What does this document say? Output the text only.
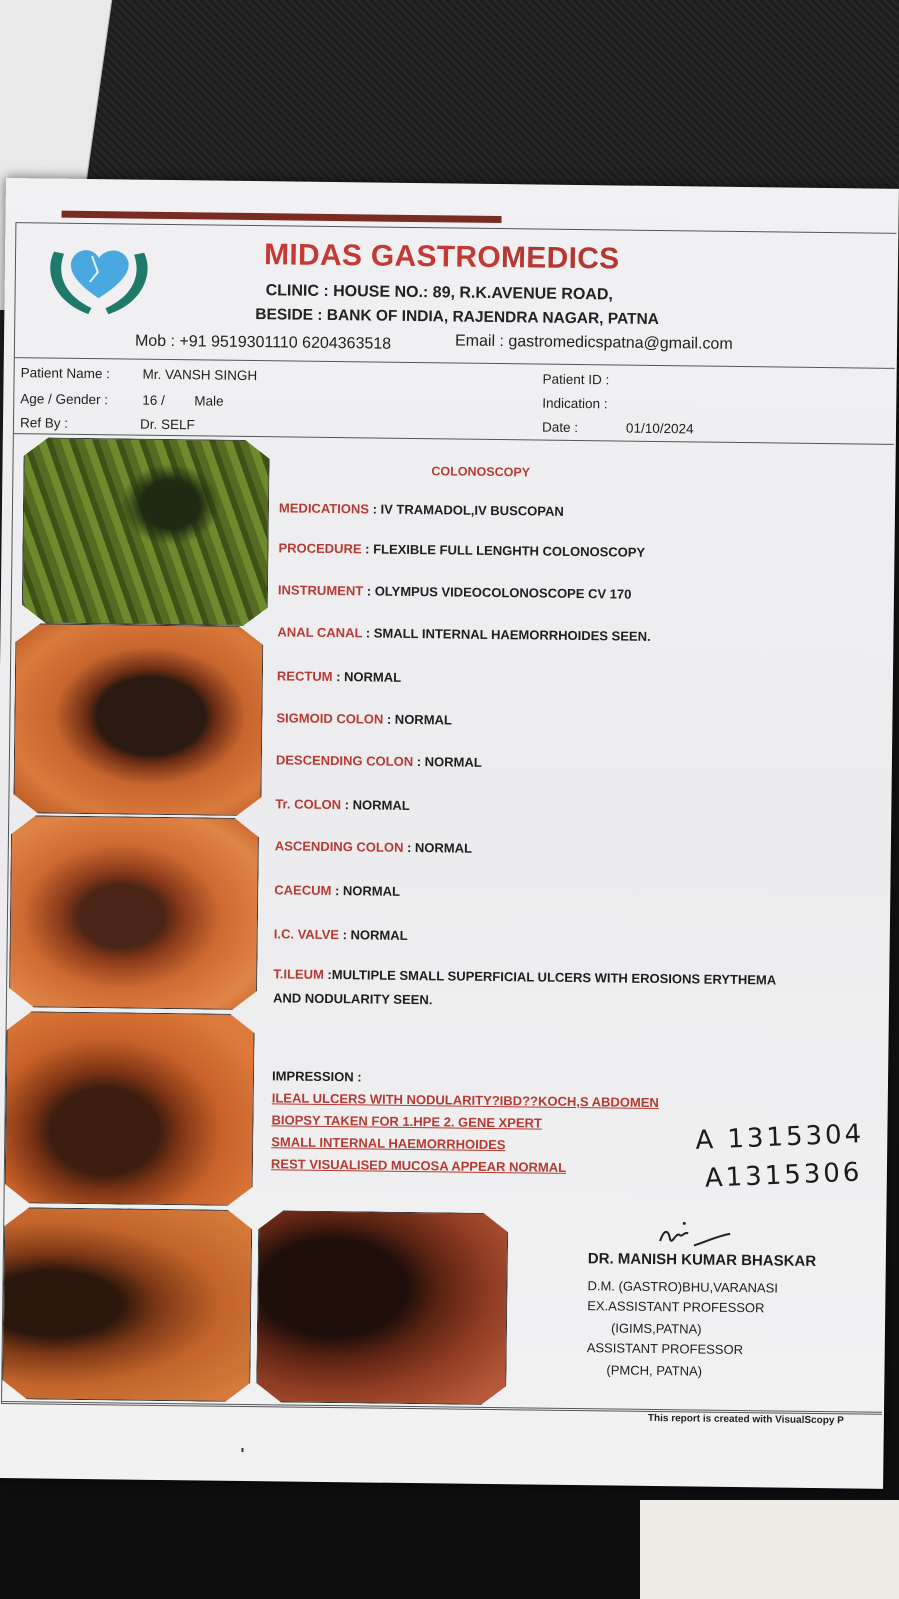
MIDAS GASTROMEDICS
CLINIC : HOUSE NO.: 89, R.K.AVENUE ROAD,
BESIDE : BANK OF INDIA, RAJENDRA NAGAR, PATNA
Mob : +91 9519301110 6204363518	Email : gastromedicspatna@gmail.com
Patient Name : Mr. VANSH SINGH
Age / Gender :	16 / Male
Ref By :	Dr. SELF
Patient ID :
Indication :
Date :	01/10/2024
COLONOSCOPY
MEDICATIONS : IV TRAMADOL,IV BUSCOPAN
PROCEDURE : FLEXIBLE FULL LENGHTH COLONOSCOPY
INSTRUMENT : OLYMPUS VIDEOCOLONOSCOPE CV 170
ANAL CANAL : SMALL INTERNAL HAEMORRHOIDES SEEN.
RECTUM : NORMAL
SIGMOID COLON : NORMAL
DESCENDING COLON : NORMAL
Tr. COLON : NORMAL
ASCENDING COLON : NORMAL
CAECUM : NORMAL
I.C. VALVE : NORMAL
T.ILEUM :MULTIPLE SMALL SUPERFICIAL ULCERS WITH EROSIONS ERYTHEMA
AND NODULARITY SEEN.
IMPRESSION :
ILEAL ULCERS WITH NODULARITY?IBD??KOCH,S ABDOMEN
BIOPSY TAKEN FOR 1.HPE 2. GENE XPERT
SMALL INTERNAL HAEMORRHOIDES
REST VISUALISED MUCOSA APPEAR NORMAL
A 1315304
A1315306
DR. MANISH KUMAR BHASKAR
D.M. (GASTRO)BHU,VARANASI
EX.ASSISTANT PROFESSOR
(IGIMS,PATNA)
ASSISTANT PROFESSOR
(PMCH, PATNA)
This report is created with VisualScopy P
